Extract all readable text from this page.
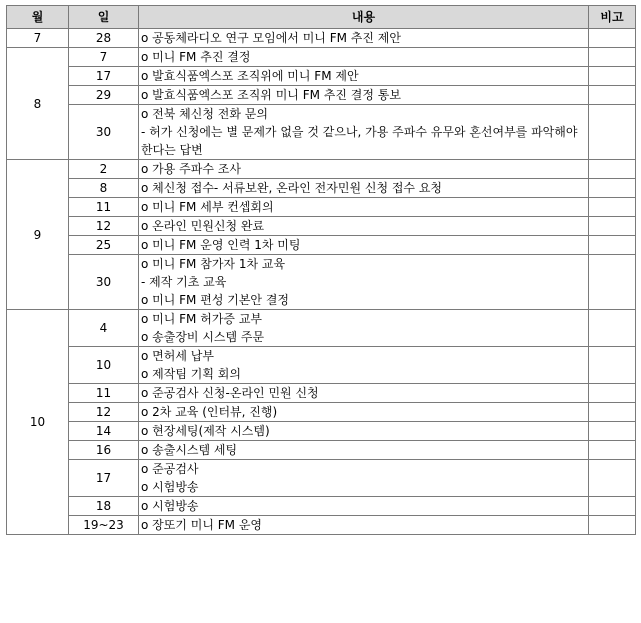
월	일	내용	비고
7	28	o 공동체라디오 연구 모임에서 미니 FM 추진 제안	

8	7	o 미니 FM 추진 결정	

	17	o 발효식품엑스포 조직위에 미니 FM 제안	

	29	o 발효식품엑스포 조직위 미니 FM 추진 결정 통보	

	30	o 전북 체신청 전화 문의
- 허가 신청에는 별 문제가 없을 것 같으나, 가용 주파수 유무와 혼선여부를 파악해야 한다는 답변	

9	2	o 가용 주파수 조사	

	8	o 체신청 접수- 서류보완, 온라인 전자민원 신청 접수 요청	

	11	o 미니 FM 세부 컨셉회의	

	12	o 온라인 민원신청 완료	

	25	o 미니 FM 운영 인력 1차 미팅	

	30	o 미니 FM 참가자 1차 교육
- 제작 기초 교육
o 미니 FM 편성 기본안 결정	

10	4	o 미니 FM 허가증 교부
o 송출장비 시스템 주문	

	10	o 면허세 납부
o 제작팀 기획 회의	

	11	o 준공검사 신청-온라인 민원 신청	

	12	o 2차 교육 (인터뷰, 진행)	

	14	o 현장세팅(제작 시스템)	

	16	o 송출시스템 세팅	

	17	o 준공검사
o 시험방송	

	18	o 시험방송	

	19~23	o 장또기 미니 FM 운영	
